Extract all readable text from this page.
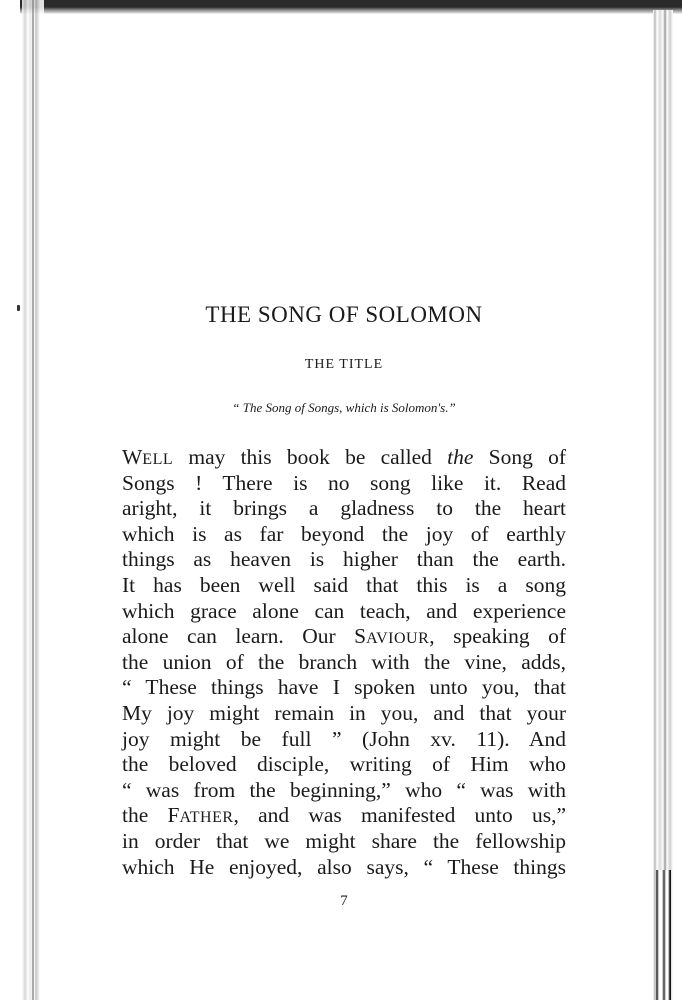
THE SONG OF SOLOMON
THE TITLE

“ The Song of Songs, which is Solomon's.”

WELL may this book be called the Song of
Songs ! There is no song like it. Read
aright, it brings a gladness to the heart
which is as far beyond the joy of earthly
things as heaven is higher than the earth.
It has been well said that this is a song
which grace alone can teach, and experience
alone can learn. Our SAVIOUR, speaking of
the union of the branch with the vine, adds,
“ These things have I spoken unto you, that
My joy might remain in you, and that your
joy might be full ” (John xv. 11). And
the beloved disciple, writing of Him who
“ was from the beginning,” who “ was with
the FATHER, and was manifested unto us,”
in order that we might share the fellowship
which He enjoyed, also says, “ These things

7
